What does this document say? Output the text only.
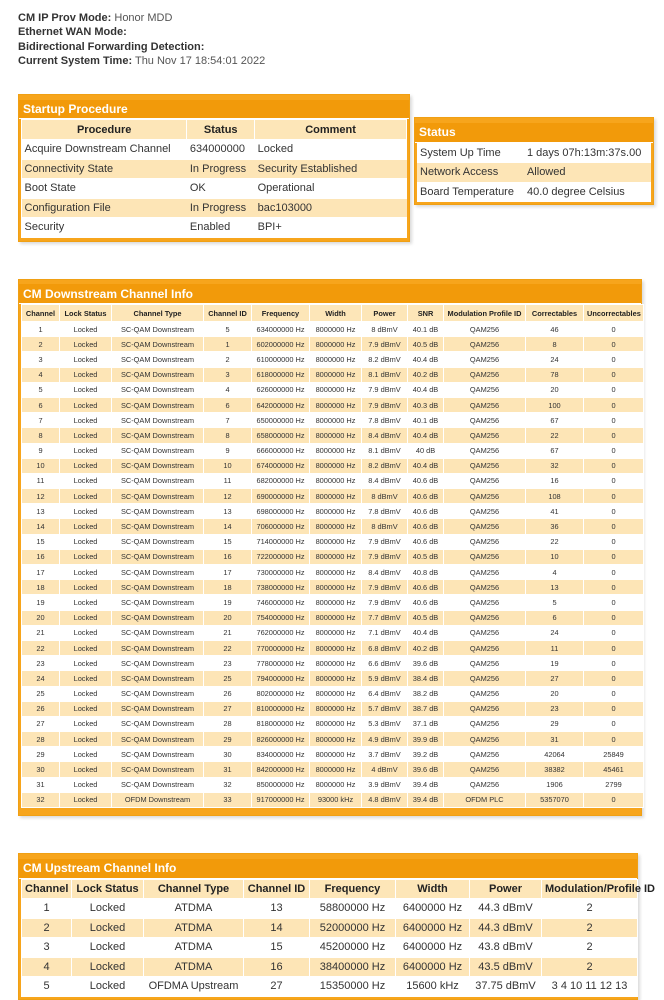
CM IP Prov Mode: Honor MDD
Ethernet WAN Mode:
Bidirectional Forwarding Detection:
Current System Time: Thu Nov 17 18:54:01 2022
Startup Procedure
Procedure	Status	Comment
Acquire Downstream Channel	634000000	Locked
Connectivity State	In Progress	Security Established
Boot State	OK	Operational
Configuration File	In Progress	bac103000
Security	Enabled	BPI+
Status
System Up Time	1 days 07h:13m:37s.00
Network Access	Allowed
Board Temperature	40.0 degree Celsius
CM Downstream Channel Info
Channel	Lock Status	Channel Type	Channel ID	Frequency	Width	Power	SNR	Modulation Profile ID	Correctables	Uncorrectables
1	Locked	SC-QAM Downstream	5	634000000 Hz	8000000 Hz	8 dBmV	40.1 dB	QAM256	46	0
2	Locked	SC-QAM Downstream	1	602000000 Hz	8000000 Hz	7.9 dBmV	40.5 dB	QAM256	8	0
3	Locked	SC-QAM Downstream	2	610000000 Hz	8000000 Hz	8.2 dBmV	40.4 dB	QAM256	24	0
4	Locked	SC-QAM Downstream	3	618000000 Hz	8000000 Hz	8.1 dBmV	40.2 dB	QAM256	78	0
5	Locked	SC-QAM Downstream	4	626000000 Hz	8000000 Hz	7.9 dBmV	40.4 dB	QAM256	20	0
6	Locked	SC-QAM Downstream	6	642000000 Hz	8000000 Hz	7.9 dBmV	40.3 dB	QAM256	100	0
7	Locked	SC-QAM Downstream	7	650000000 Hz	8000000 Hz	7.8 dBmV	40.1 dB	QAM256	67	0
8	Locked	SC-QAM Downstream	8	658000000 Hz	8000000 Hz	8.4 dBmV	40.4 dB	QAM256	22	0
9	Locked	SC-QAM Downstream	9	666000000 Hz	8000000 Hz	8.1 dBmV	40 dB	QAM256	67	0
10	Locked	SC-QAM Downstream	10	674000000 Hz	8000000 Hz	8.2 dBmV	40.4 dB	QAM256	32	0
11	Locked	SC-QAM Downstream	11	682000000 Hz	8000000 Hz	8.4 dBmV	40.6 dB	QAM256	16	0
12	Locked	SC-QAM Downstream	12	690000000 Hz	8000000 Hz	8 dBmV	40.6 dB	QAM256	108	0
13	Locked	SC-QAM Downstream	13	698000000 Hz	8000000 Hz	7.8 dBmV	40.6 dB	QAM256	41	0
14	Locked	SC-QAM Downstream	14	706000000 Hz	8000000 Hz	8 dBmV	40.6 dB	QAM256	36	0
15	Locked	SC-QAM Downstream	15	714000000 Hz	8000000 Hz	7.9 dBmV	40.6 dB	QAM256	22	0
16	Locked	SC-QAM Downstream	16	722000000 Hz	8000000 Hz	7.9 dBmV	40.5 dB	QAM256	10	0
17	Locked	SC-QAM Downstream	17	730000000 Hz	8000000 Hz	8.4 dBmV	40.8 dB	QAM256	4	0
18	Locked	SC-QAM Downstream	18	738000000 Hz	8000000 Hz	7.9 dBmV	40.6 dB	QAM256	13	0
19	Locked	SC-QAM Downstream	19	746000000 Hz	8000000 Hz	7.9 dBmV	40.6 dB	QAM256	5	0
20	Locked	SC-QAM Downstream	20	754000000 Hz	8000000 Hz	7.7 dBmV	40.5 dB	QAM256	6	0
21	Locked	SC-QAM Downstream	21	762000000 Hz	8000000 Hz	7.1 dBmV	40.4 dB	QAM256	24	0
22	Locked	SC-QAM Downstream	22	770000000 Hz	8000000 Hz	6.8 dBmV	40.2 dB	QAM256	11	0
23	Locked	SC-QAM Downstream	23	778000000 Hz	8000000 Hz	6.6 dBmV	39.6 dB	QAM256	19	0
24	Locked	SC-QAM Downstream	25	794000000 Hz	8000000 Hz	5.9 dBmV	38.4 dB	QAM256	27	0
25	Locked	SC-QAM Downstream	26	802000000 Hz	8000000 Hz	6.4 dBmV	38.2 dB	QAM256	20	0
26	Locked	SC-QAM Downstream	27	810000000 Hz	8000000 Hz	5.7 dBmV	38.7 dB	QAM256	23	0
27	Locked	SC-QAM Downstream	28	818000000 Hz	8000000 Hz	5.3 dBmV	37.1 dB	QAM256	29	0
28	Locked	SC-QAM Downstream	29	826000000 Hz	8000000 Hz	4.9 dBmV	39.9 dB	QAM256	31	0
29	Locked	SC-QAM Downstream	30	834000000 Hz	8000000 Hz	3.7 dBmV	39.2 dB	QAM256	42064	25849
30	Locked	SC-QAM Downstream	31	842000000 Hz	8000000 Hz	4 dBmV	39.6 dB	QAM256	38382	45461
31	Locked	SC-QAM Downstream	32	850000000 Hz	8000000 Hz	3.9 dBmV	39.4 dB	QAM256	1906	2799
32	Locked	OFDM Downstream	33	917000000 Hz	93000 kHz	4.8 dBmV	39.4 dB	OFDM PLC	5357070	0
CM Upstream Channel Info
Channel	Lock Status	Channel Type	Channel ID	Frequency	Width	Power	Modulation/Profile ID
1	Locked	ATDMA	13	58800000 Hz	6400000 Hz	44.3 dBmV	2
2	Locked	ATDMA	14	52000000 Hz	6400000 Hz	44.3 dBmV	2
3	Locked	ATDMA	15	45200000 Hz	6400000 Hz	43.8 dBmV	2
4	Locked	ATDMA	16	38400000 Hz	6400000 Hz	43.5 dBmV	2
5	Locked	OFDMA Upstream	27	15350000 Hz	15600 kHz	37.75 dBmV	3 4 10 11 12 13
